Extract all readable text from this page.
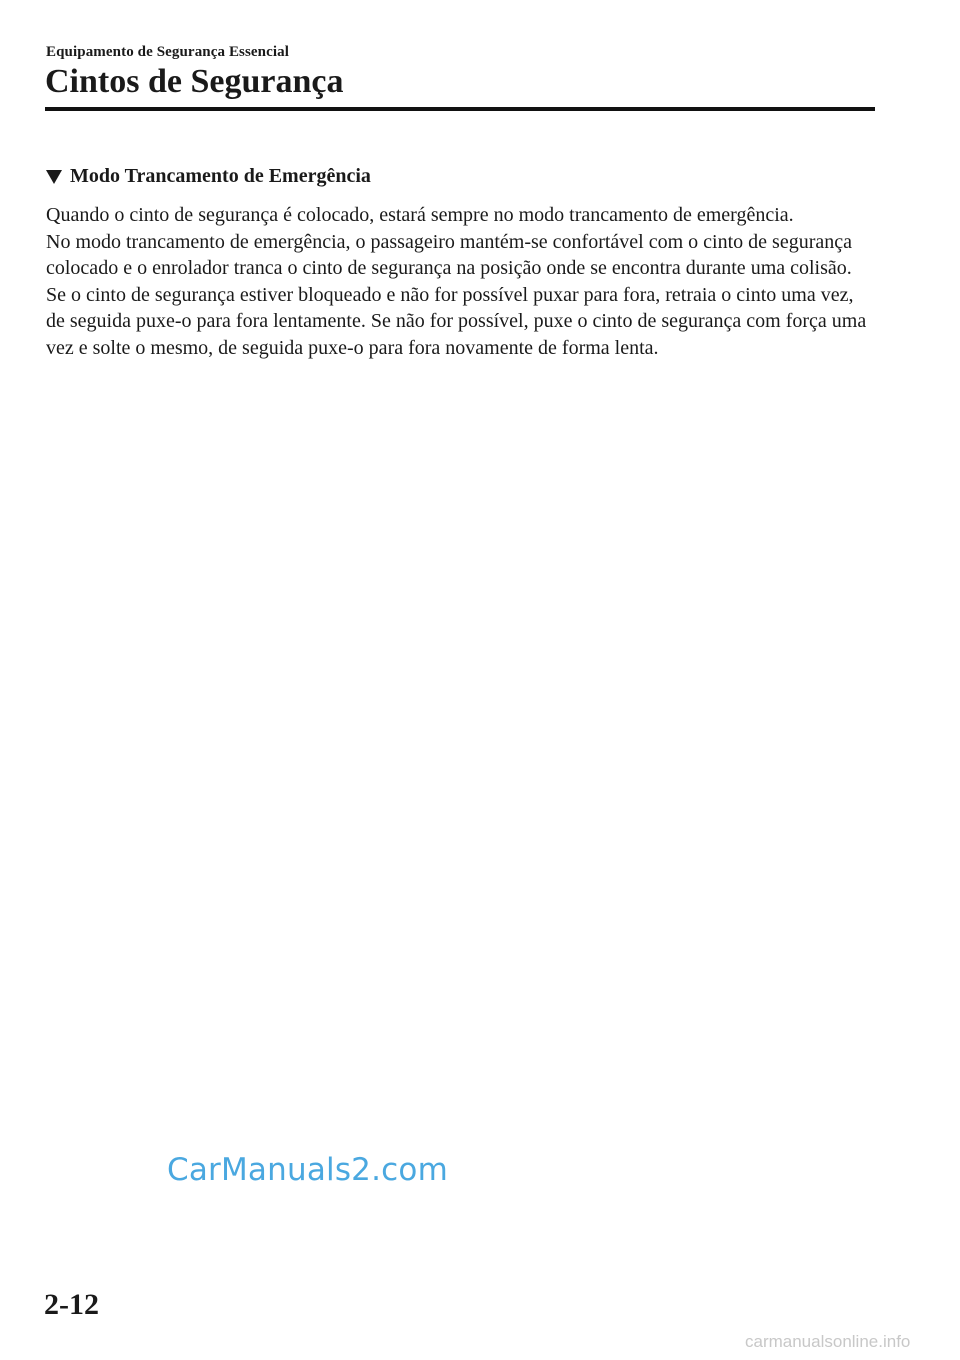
Equipamento de Segurança Essencial
Cintos de Segurança
Modo Trancamento de Emergência

Quando o cinto de segurança é colocado, estará sempre no modo trancamento de emergência.

No modo trancamento de emergência, o passageiro mantém-se confortável com o cinto de segurança colocado e o enrolador tranca o cinto de segurança na posição onde se encontra durante uma colisão.

Se o cinto de segurança estiver bloqueado e não for possível puxar para fora, retraia o cinto uma vez, de seguida puxe-o para fora lentamente. Se não for possível, puxe o cinto de segurança com força uma vez e solte o mesmo, de seguida puxe-o para fora novamente de forma lenta.

CarManuals2.com
2-12
carmanualsonline.info
